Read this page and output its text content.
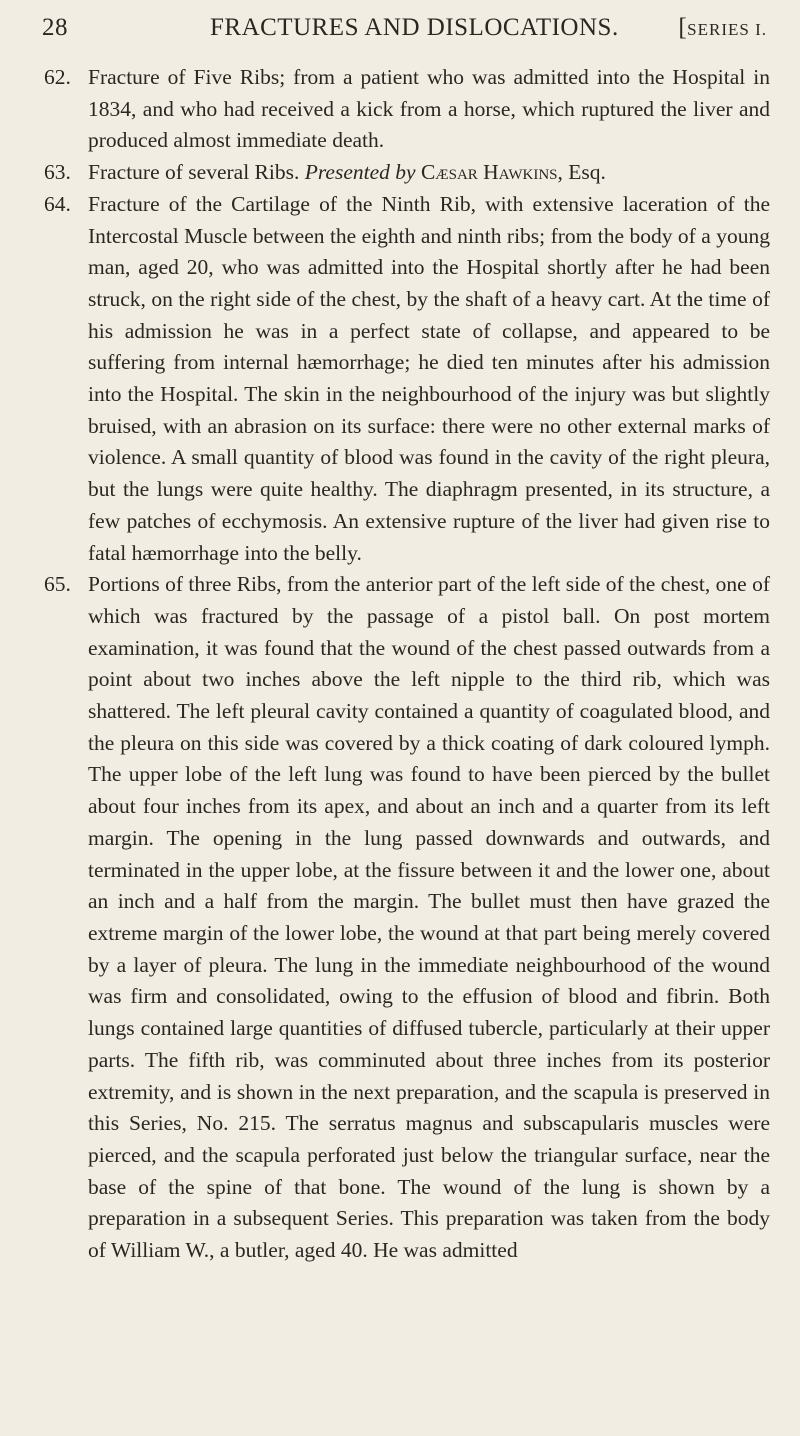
28	FRACTURES AND DISLOCATIONS. [SERIES I.

62. Fracture of Five Ribs; from a patient who was admitted into the Hospital in 1834, and who had received a kick from a horse, which ruptured the liver and produced almost immediate death.

63. Fracture of several Ribs. Presented by Cæsar Hawkins, Esq.

64. Fracture of the Cartilage of the Ninth Rib, with extensive laceration of the Intercostal Muscle between the eighth and ninth ribs; from the body of a young man, aged 20, who was admitted into the Hospital shortly after he had been struck, on the right side of the chest, by the shaft of a heavy cart. At the time of his admission he was in a perfect state of collapse, and appeared to be suffering from internal hæmorrhage; he died ten minutes after his admission into the Hospital. The skin in the neighbourhood of the injury was but slightly bruised, with an abrasion on its surface: there were no other external marks of violence. A small quantity of blood was found in the cavity of the right pleura, but the lungs were quite healthy. The diaphragm presented, in its structure, a few patches of ecchymosis. An extensive rupture of the liver had given rise to fatal hæmorrhage into the belly.

65. Portions of three Ribs, from the anterior part of the left side of the chest, one of which was fractured by the passage of a pistol ball. On post mortem examination, it was found that the wound of the chest passed outwards from a point about two inches above the left nipple to the third rib, which was shattered. The left pleural cavity contained a quantity of coagulated blood, and the pleura on this side was covered by a thick coating of dark coloured lymph. The upper lobe of the left lung was found to have been pierced by the bullet about four inches from its apex, and about an inch and a quarter from its left margin. The opening in the lung passed downwards and outwards, and terminated in the upper lobe, at the fissure between it and the lower one, about an inch and a half from the margin. The bullet must then have grazed the extreme margin of the lower lobe, the wound at that part being merely covered by a layer of pleura. The lung in the immediate neighbourhood of the wound was firm and consolidated, owing to the effusion of blood and fibrin. Both lungs contained large quantities of diffused tubercle, particularly at their upper parts. The fifth rib, was comminuted about three inches from its posterior extremity, and is shown in the next preparation, and the scapula is preserved in this Series, No. 215. The serratus magnus and subscapularis muscles were pierced, and the scapula perforated just below the triangular surface, near the base of the spine of that bone. The wound of the lung is shown by a preparation in a subsequent Series. This preparation was taken from the body of William W., a butler, aged 40. He was admitted
